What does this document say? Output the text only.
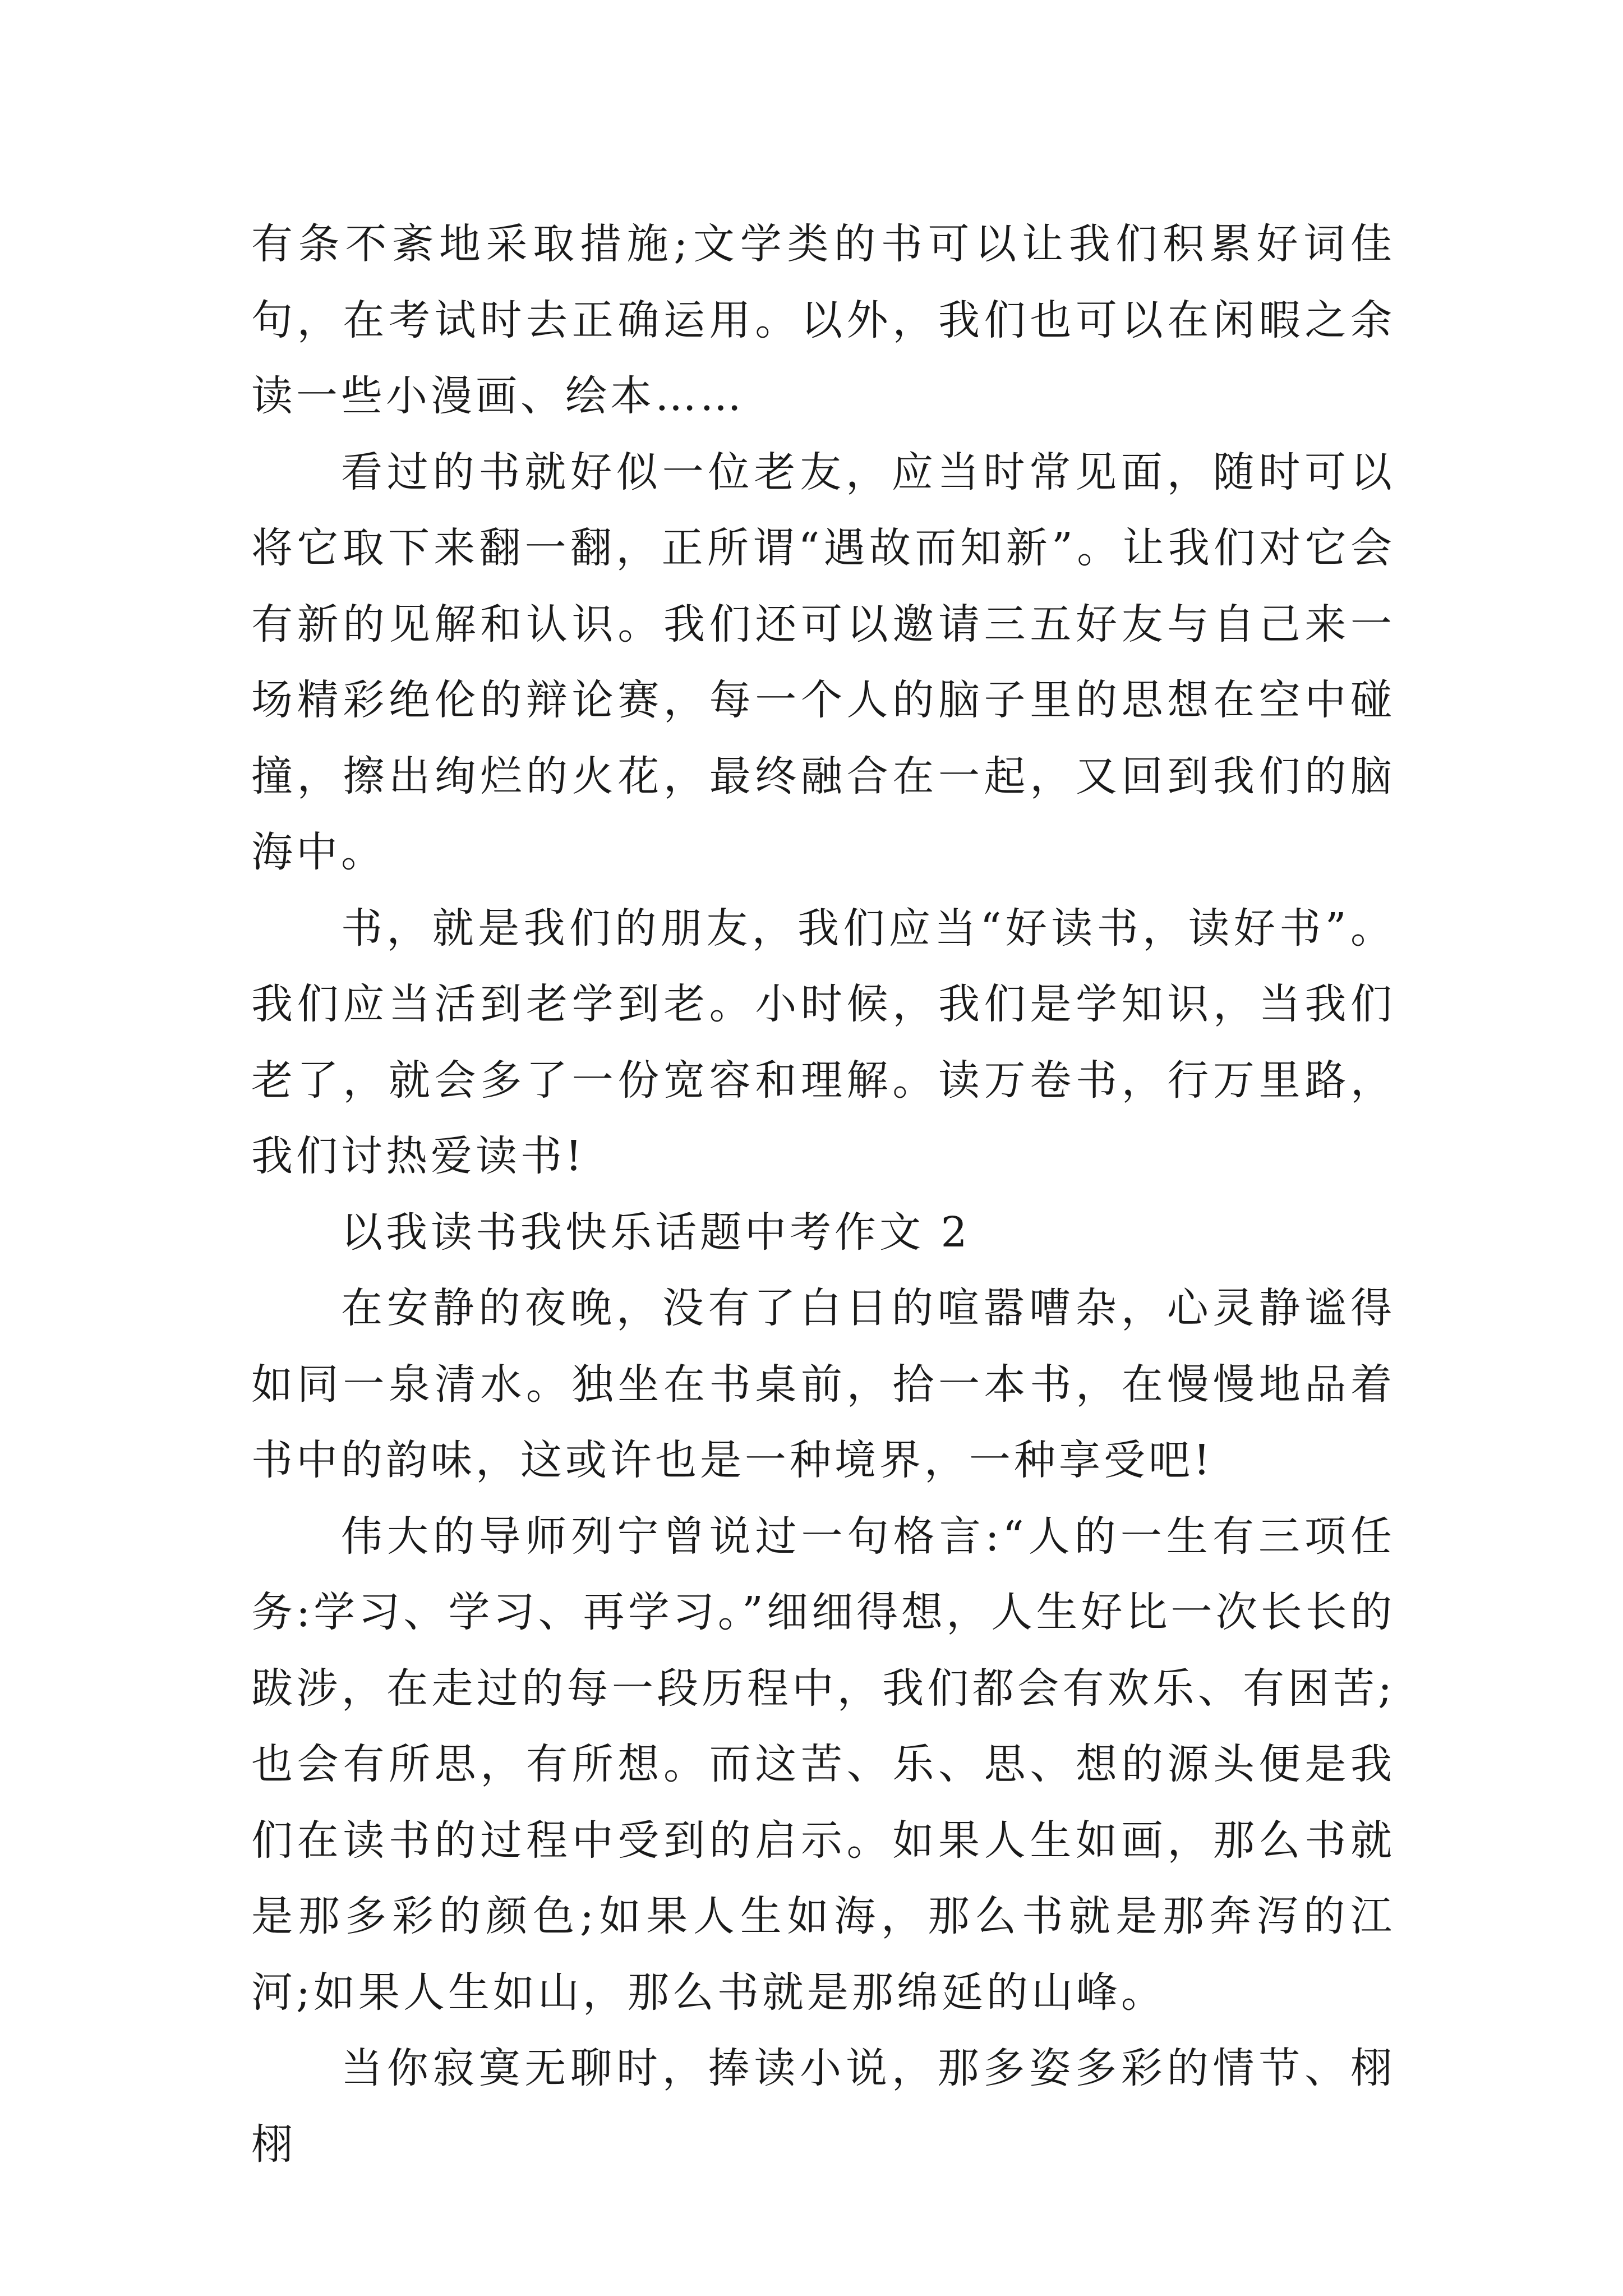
有条不紊地采取措施;文学类的书可以让我们积累好词佳句，在考试时去正确运用。以外，我们也可以在闲暇之余读一些小漫画、绘本……

看过的书就好似一位老友，应当时常见面，随时可以将它取下来翻一翻，正所谓“遇故而知新”。让我们对它会有新的见解和认识。我们还可以邀请三五好友与自己来一场精彩绝伦的辩论赛，每一个人的脑子里的思想在空中碰撞，擦出绚烂的火花，最终融合在一起，又回到我们的脑海中。

书，就是我们的朋友，我们应当“好读书，读好书”。我们应当活到老学到老。小时候，我们是学知识，当我们老了，就会多了一份宽容和理解。读万卷书，行万里路，我们讨热爱读书!

以我读书我快乐话题中考作文 2

在安静的夜晚，没有了白日的喧嚣嘈杂，心灵静谧得如同一泉清水。独坐在书桌前，拾一本书，在慢慢地品着书中的韵味，这或许也是一种境界，一种享受吧!

伟大的导师列宁曾说过一句格言:“人的一生有三项任务:学习、学习、再学习。”细细得想，人生好比一次长长的跋涉，在走过的每一段历程中，我们都会有欢乐、有困苦;也会有所思，有所想。而这苦、乐、思、想的源头便是我们在读书的过程中受到的启示。如果人生如画，那么书就是那多彩的颜色;如果人生如海，那么书就是那奔泻的江河;如果人生如山，那么书就是那绵延的山峰。

当你寂寞无聊时，捧读小说，那多姿多彩的情节、栩栩
